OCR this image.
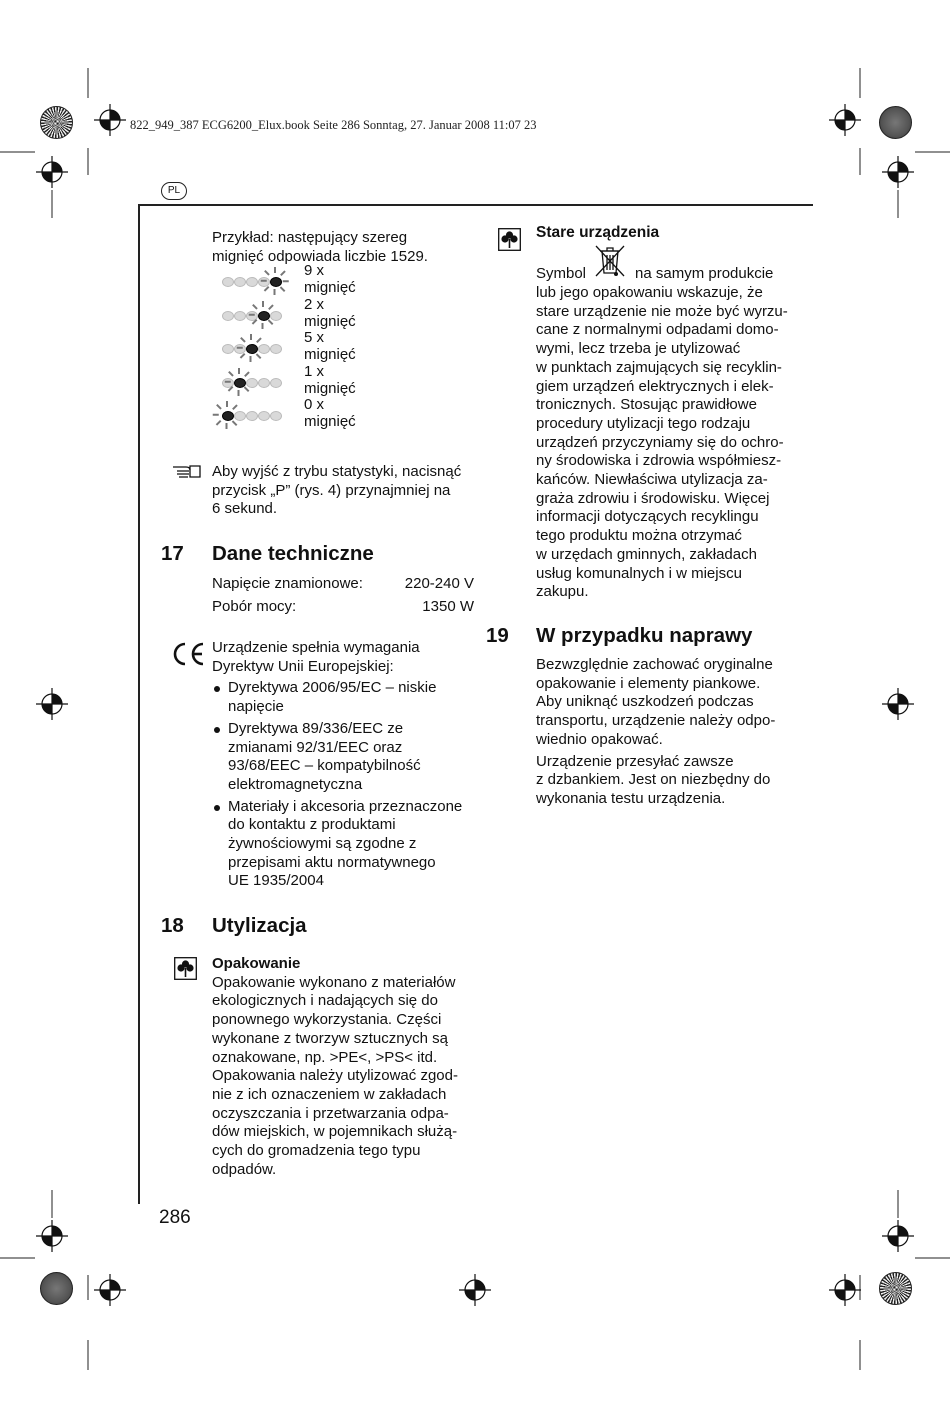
822_949_387 ECG6200_Elux.book Seite 286 Sonntag, 27. Januar 2008 11:07 23
PL
Przykład: następujący szereg
mignięć odpowiada liczbie 1529.
9 x mignięć
2 x mignięć
5 x mignięć
1 x mignięć
0 x mignięć
Aby wyjść z trybu statystyki, nacisnąć
przycisk „P” (rys. 4) przynajmniej na
6 sekund.
17 Dane techniczne
Napięcie znamionowe:	220-240 V
Pobór mocy:	1350 W
Urządzenie spełnia wymagania
Dyrektyw Unii Europejskiej:
Dyrektywa 2006/95/EC – niskie
napięcie
Dyrektywa 89/336/EEC ze
zmianami 92/31/EEC oraz
93/68/EEC – kompatybilność
elektromagnetyczna
Materiały i akcesoria przeznaczone
do kontaktu z produktami
żywnościowymi są zgodne z
przepisami aktu normatywnego
UE 1935/2004
18 Utylizacja
Opakowanie
Opakowanie wykonano z materiałów
ekologicznych i nadających się do
ponownego wykorzystania. Części
wykonane z tworzyw sztucznych są
oznakowane, np. >PE<, >PS< itd.
Opakowania należy utylizować zgod-
nie z ich oznaczeniem w zakładach
oczyszczania i przetwarzania odpa-
dów miejskich, w pojemnikach służą-
cych do gromadzenia tego typu
odpadów.
286
Stare urządzenia
Symbol	na samym produkcie
lub jego opakowaniu wskazuje, że
stare urządzenie nie może być wyrzu-
cane z normalnymi odpadami domo-
wymi, lecz trzeba je utylizować
w punktach zajmujących się recyklin-
giem urządzeń elektrycznych i elek-
tronicznych. Stosując prawidłowe
procedury utylizacji tego rodzaju
urządzeń przyczyniamy się do ochro-
ny środowiska i zdrowia współmiesz-
kańców. Niewłaściwa utylizacja za-
graża zdrowiu i środowisku. Więcej
informacji dotyczących recyklingu
tego produktu można otrzymać
w urzędach gminnych, zakładach
usług komunalnych i w miejscu
zakupu.
19 W przypadku naprawy
Bezwzględnie zachować oryginalne
opakowanie i elementy piankowe.
Aby uniknąć uszkodzeń podczas
transportu, urządzenie należy odpo-
wiednio opakować.
Urządzenie przesyłać zawsze
z dzbankiem. Jest on niezbędny do
wykonania testu urządzenia.
